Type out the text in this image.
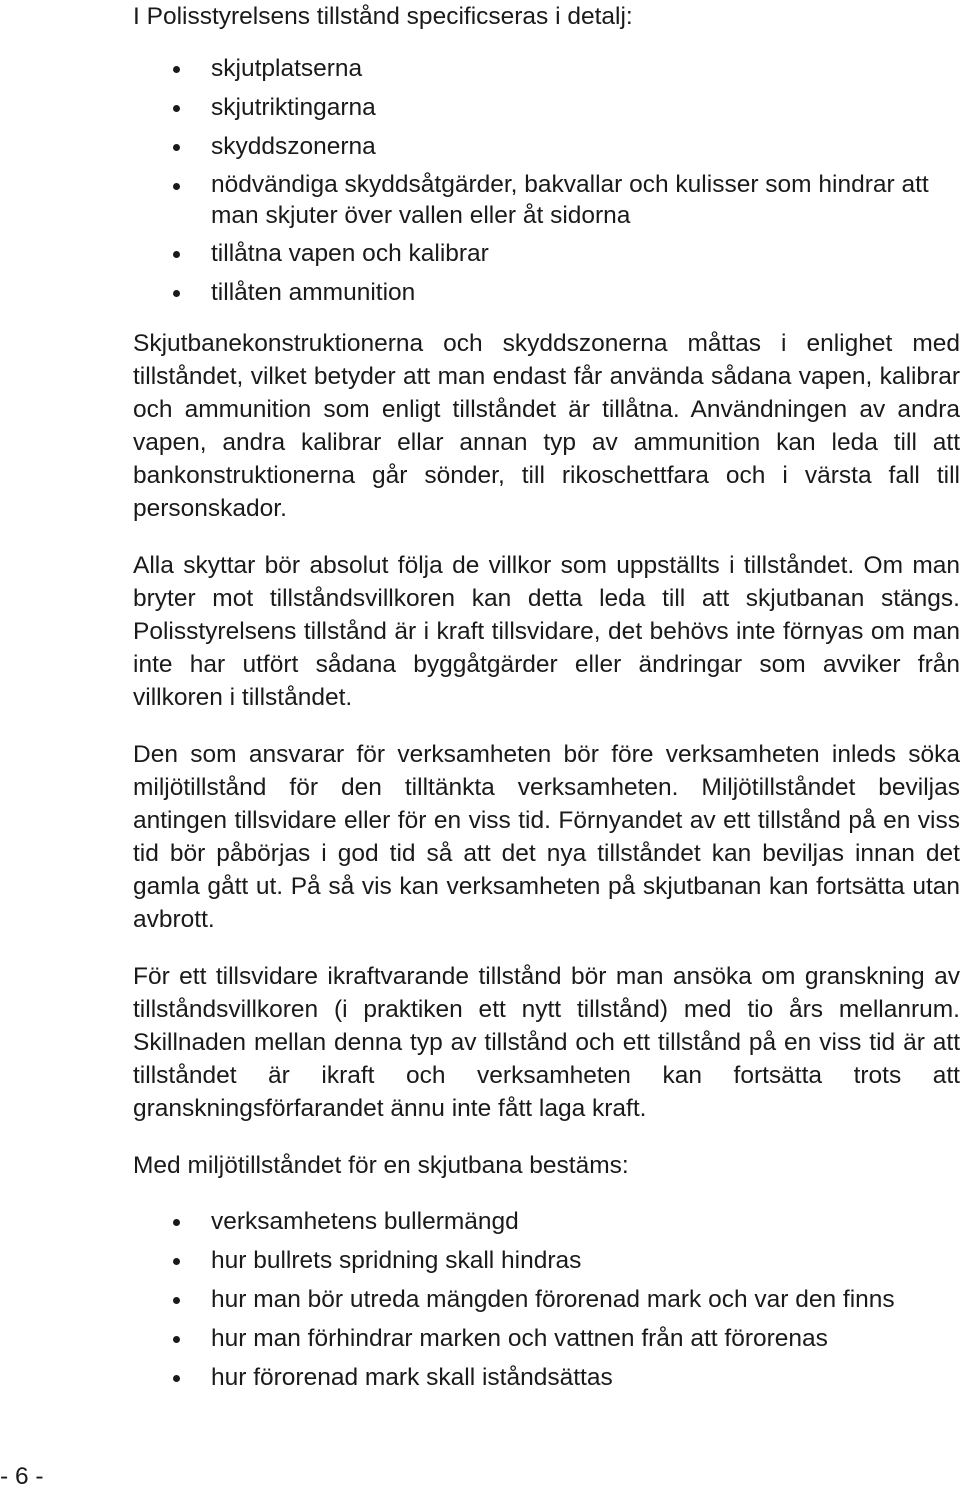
I Polisstyrelsens tillstånd specificseras i detalj:

skjutplatserna
skjutriktingarna
skyddszonerna
nödvändiga skyddsåtgärder, bakvallar och kulisser som hindrar att man skjuter över vallen eller åt sidorna
tillåtna vapen och kalibrar
tillåten ammunition

Skjutbanekonstruktionerna och skyddszonerna måttas i enlighet med tillståndet, vilket betyder att man endast får använda sådana vapen, kalibrar och ammunition som enligt tillståndet är tillåtna. Användningen av andra vapen, andra kalibrar ellar annan typ av ammunition kan leda till att bankonstruktionerna går sönder, till rikoschettfara och i värsta fall till personskador.

Alla skyttar bör absolut följa de villkor som uppställts i tillståndet. Om man bryter mot tillståndsvillkoren kan detta leda till att skjutbanan stängs. Polisstyrelsens tillstånd är i kraft tillsvidare, det behövs inte förnyas om man inte har utfört sådana byggåtgärder eller ändringar som avviker från villkoren i tillståndet.

Den som ansvarar för verksamheten bör före verksamheten inleds söka miljötillstånd för den tilltänkta verksamheten. Miljötillståndet beviljas antingen tillsvidare eller för en viss tid. Förnyandet av ett tillstånd på en viss tid bör påbörjas i god tid så att det nya tillståndet kan beviljas innan det gamla gått ut. På så vis kan verksamheten på skjutbanan kan fortsätta utan avbrott.

För ett tillsvidare ikraftvarande tillstånd bör man ansöka om granskning av tillståndsvillkoren (i praktiken ett nytt tillstånd) med tio års mellanrum. Skillnaden mellan denna typ av tillstånd och ett tillstånd på en viss tid är att tillståndet är ikraft och verksamheten kan fortsätta trots att granskningsförfarandet ännu inte fått laga kraft.

Med miljötillståndet för en skjutbana bestäms:

verksamhetens bullermängd
hur bullrets spridning skall hindras
hur man bör utreda mängden förorenad mark och var den finns
hur man förhindrar marken och vattnen från att förorenas
hur förorenad mark skall iståndsättas
- 6 -
